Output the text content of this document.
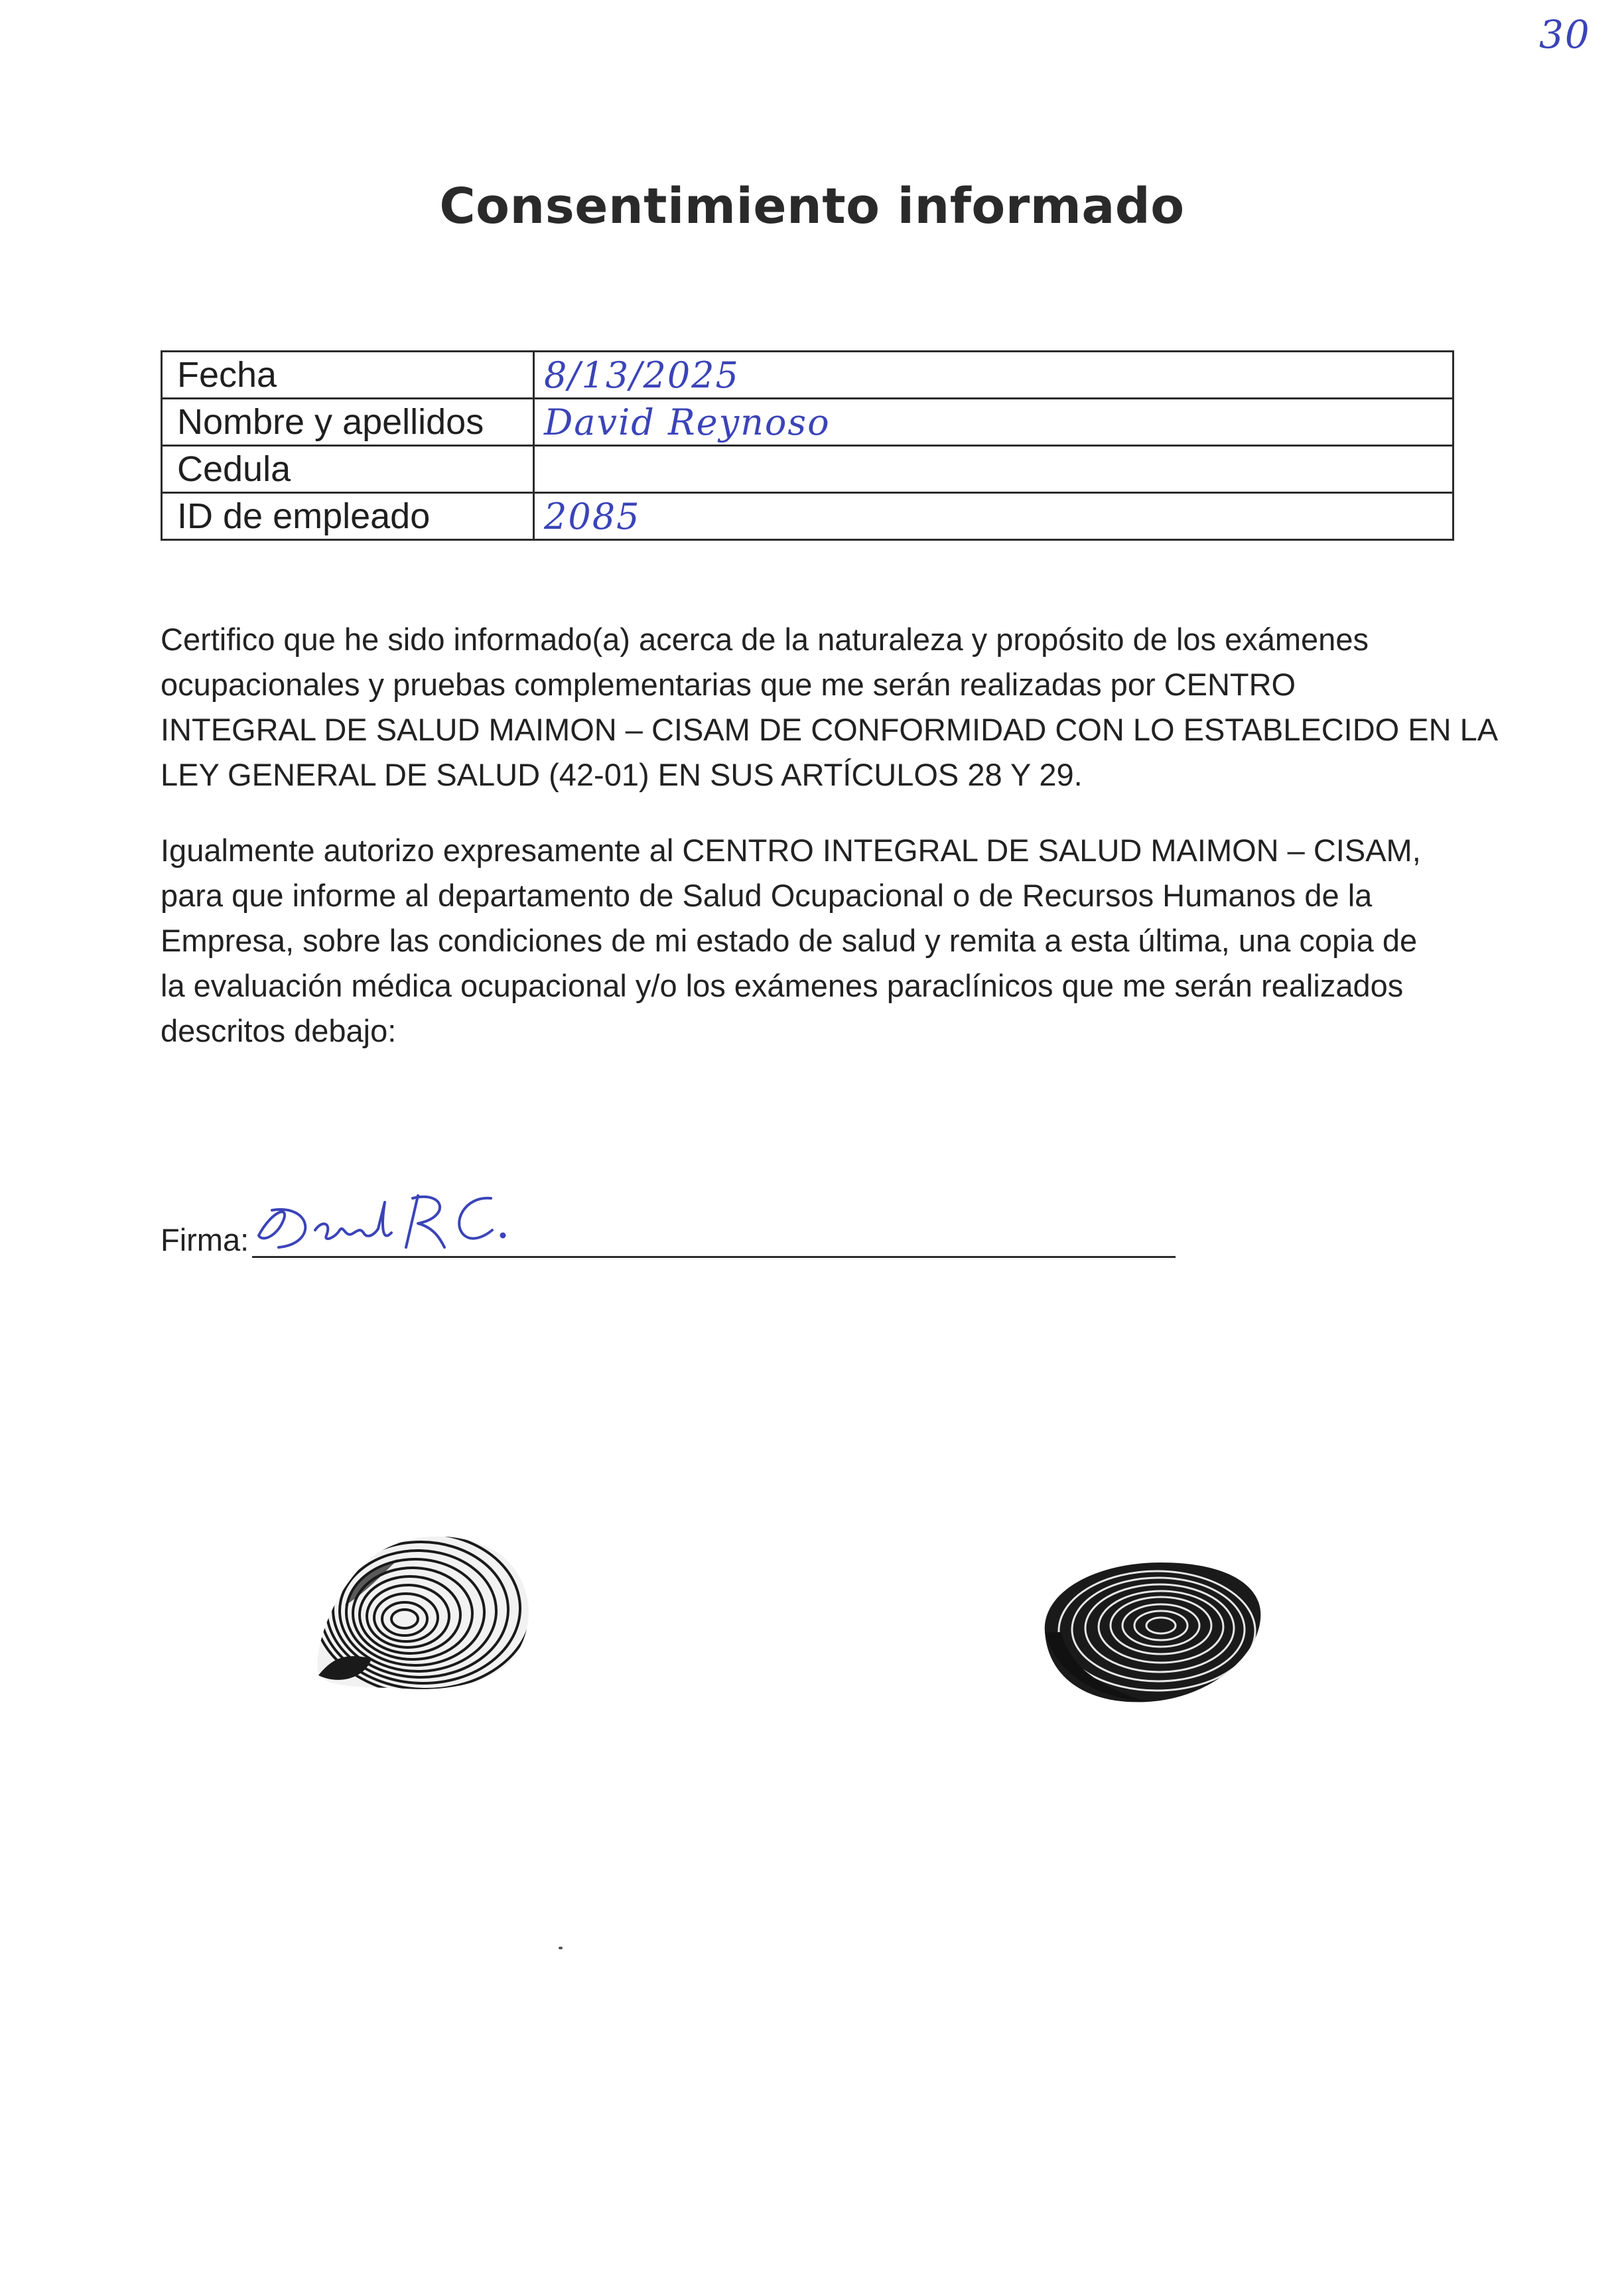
30
Consentimiento informado
Fecha	8/13/2025
Nombre y apellidos	David Reynoso
Cedula	
ID de empleado	2085

Certifico que he sido informado(a) acerca de la naturaleza y propósito de los exámenes
ocupacionales y pruebas complementarias que me serán realizadas por CENTRO
INTEGRAL DE SALUD MAIMON – CISAM DE CONFORMIDAD CON LO ESTABLECIDO EN LA
LEY GENERAL DE SALUD (42-01) EN SUS ARTÍCULOS 28 Y 29.

Igualmente autorizo expresamente al CENTRO INTEGRAL DE SALUD MAIMON – CISAM,
para que informe al departamento de Salud Ocupacional o de Recursos Humanos de la
Empresa, sobre las condiciones de mi estado de salud y remita a esta última, una copia de
la evaluación médica ocupacional y/o los exámenes paraclínicos que me serán realizados
descritos debajo:

Firma:
